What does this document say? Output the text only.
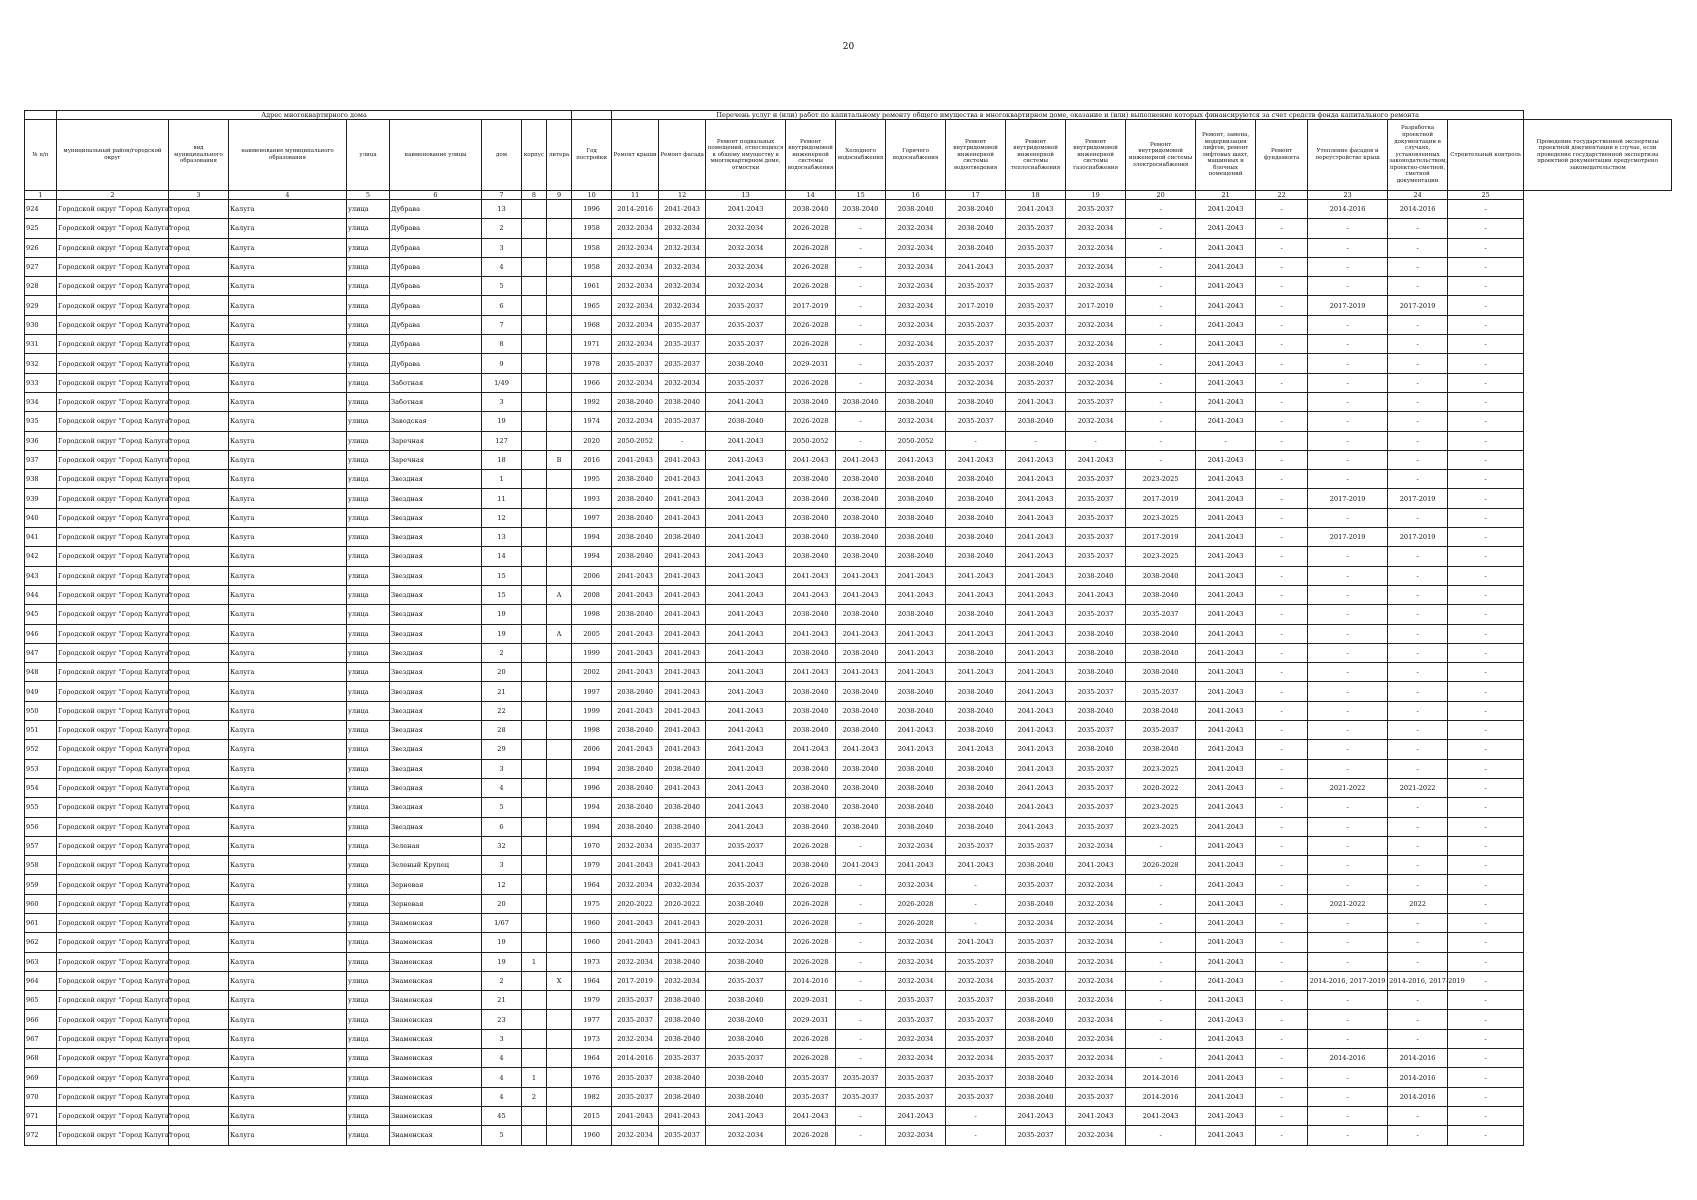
20
	Адрес многоквартирного дома									Перечень услуг и (или) работ по капитальному ремонту общего имущества в многоквартирном доме, оказание и (или) выполнение которых финансируются за счет средств фонда капитального ремонта															
№ п/п	муниципальный район/городской округ	вид муниципального образования	наименование муниципального образования	улица	наименование улицы	дом	корпус	литера	Год постройки	Ремонт крыши	Ремонт фасада	Ремонт подвальных помещений, относящихся к общему имуществу в многоквартирном доме, отмостки	Ремонт внутридомовой инженерной системы водоснабжения	Холодного водоснабжения	Горячего водоснабжения	Ремонт внутридомовой инженерной системы водоотведения	Ремонт внутридомовой инженерной системы теплоснабжения	Ремонт внутридомовой инженерной системы газоснабжения	Ремонт внутридомовой инженерной системы электроснабжения	Ремонт, замена, модернизация лифтов, ремонт лифтовых шахт, машинных и блочных помещений	Ремонт фундамента	Утепление фасадов и переустройство крыш	Разработка проектной документации в случаях, установленных законодательством, проектно-сметной, сметной документации	Строительный контроль	Проведение государственной экспертизы проектной документации в случае, если проведение государственной экспертизы проектной документации предусмотрено законодательством
1	2	3	4	5	6	7	8	9	10	11	12	13	14	15	16	17	18	19	20	21	22	23	24	25	
924	Городской округ "Город Калуга"	город	Калуга	улица	Дубрава	13			1996	2014-2016	2041-2043	2041-2043	2038-2040	2038-2040	2038-2040	2038-2040	2041-2043	2035-2037	-	2041-2043	-	2014-2016	2014-2016	-	
925	Городской округ "Город Калуга"	город	Калуга	улица	Дубрава	2			1958	2032-2034	2032-2034	2032-2034	2026-2028	-	2032-2034	2038-2040	2035-2037	2032-2034	-	2041-2043	-	-	-	-	
926	Городской округ "Город Калуга"	город	Калуга	улица	Дубрава	3			1958	2032-2034	2032-2034	2032-2034	2026-2028	-	2032-2034	2038-2040	2035-2037	2032-2034	-	2041-2043	-	-	-	-	
927	Городской округ "Город Калуга"	город	Калуга	улица	Дубрава	4			1958	2032-2034	2032-2034	2032-2034	2026-2028	-	2032-2034	2041-2043	2035-2037	2032-2034	-	2041-2043	-	-	-	-	
928	Городской округ "Город Калуга"	город	Калуга	улица	Дубрава	5			1961	2032-2034	2032-2034	2032-2034	2026-2028	-	2032-2034	2035-2037	2035-2037	2032-2034	-	2041-2043	-	-	-	-	
929	Городской округ "Город Калуга"	город	Калуга	улица	Дубрава	6			1965	2032-2034	2032-2034	2035-2037	2017-2019	-	2032-2034	2017-2019	2035-2037	2017-2019	-	2041-2043	-	2017-2019	2017-2019	-	
930	Городской округ "Город Калуга"	город	Калуга	улица	Дубрава	7			1968	2032-2034	2035-2037	2035-2037	2026-2028	-	2032-2034	2035-2037	2035-2037	2032-2034	-	2041-2043	-	-	-	-	
931	Городской округ "Город Калуга"	город	Калуга	улица	Дубрава	8			1971	2032-2034	2035-2037	2035-2037	2026-2028	-	2032-2034	2035-2037	2035-2037	2032-2034	-	2041-2043	-	-	-	-	
932	Городской округ "Город Калуга"	город	Калуга	улица	Дубрава	9			1978	2035-2037	2035-2037	2038-2040	2029-2031	-	2035-2037	2035-2037	2038-2040	2032-2034	-	2041-2043	-	-	-	-	
933	Городской округ "Город Калуга"	город	Калуга	улица	Заботная	1/49			1966	2032-2034	2032-2034	2035-2037	2026-2028	-	2032-2034	2032-2034	2035-2037	2032-2034	-	2041-2043	-	-	-	-	
934	Городской округ "Город Калуга"	город	Калуга	улица	Заботная	3			1992	2038-2040	2038-2040	2041-2043	2038-2040	2038-2040	2038-2040	2038-2040	2041-2043	2035-2037	-	2041-2043	-	-	-	-	
935	Городской округ "Город Калуга"	город	Калуга	улица	Заводская	19			1974	2032-2034	2035-2037	2038-2040	2026-2028	-	2032-2034	2035-2037	2038-2040	2032-2034	-	2041-2043	-	-	-	-	
936	Городской округ "Город Калуга"	город	Калуга	улица	Заречная	127			2020	2050-2052	-	2041-2043	2050-2052	-	2050-2052	-	-	-	-	-	-	-	-	-	
937	Городской округ "Город Калуга"	город	Калуга	улица	Заречная	18		В	2016	2041-2043	2041-2043	2041-2043	2041-2043	2041-2043	2041-2043	2041-2043	2041-2043	2041-2043	-	2041-2043	-	-	-	-	
938	Городской округ "Город Калуга"	город	Калуга	улица	Звездная	1			1995	2038-2040	2041-2043	2041-2043	2038-2040	2038-2040	2038-2040	2038-2040	2041-2043	2035-2037	2023-2025	2041-2043	-	-	-	-	
939	Городской округ "Город Калуга"	город	Калуга	улица	Звездная	11			1993	2038-2040	2041-2043	2041-2043	2038-2040	2038-2040	2038-2040	2038-2040	2041-2043	2035-2037	2017-2019	2041-2043	-	2017-2019	2017-2019	-	
940	Городской округ "Город Калуга"	город	Калуга	улица	Звездная	12			1997	2038-2040	2041-2043	2041-2043	2038-2040	2038-2040	2038-2040	2038-2040	2041-2043	2035-2037	2023-2025	2041-2043	-	-	-	-	
941	Городской округ "Город Калуга"	город	Калуга	улица	Звездная	13			1994	2038-2040	2038-2040	2041-2043	2038-2040	2038-2040	2038-2040	2038-2040	2041-2043	2035-2037	2017-2019	2041-2043	-	2017-2019	2017-2019	-	
942	Городской округ "Город Калуга"	город	Калуга	улица	Звездная	14			1994	2038-2040	2041-2043	2041-2043	2038-2040	2038-2040	2038-2040	2038-2040	2041-2043	2035-2037	2023-2025	2041-2043	-	-	-	-	
943	Городской округ "Город Калуга"	город	Калуга	улица	Звездная	15			2006	2041-2043	2041-2043	2041-2043	2041-2043	2041-2043	2041-2043	2041-2043	2041-2043	2038-2040	2038-2040	2041-2043	-	-	-	-	
944	Городской округ "Город Калуга"	город	Калуга	улица	Звездная	15		А	2008	2041-2043	2041-2043	2041-2043	2041-2043	2041-2043	2041-2043	2041-2043	2041-2043	2041-2043	2038-2040	2041-2043	-	-	-	-	
945	Городской округ "Город Калуга"	город	Калуга	улица	Звездная	19			1998	2038-2040	2041-2043	2041-2043	2038-2040	2038-2040	2038-2040	2038-2040	2041-2043	2035-2037	2035-2037	2041-2043	-	-	-	-	
946	Городской округ "Город Калуга"	город	Калуга	улица	Звездная	19		А	2005	2041-2043	2041-2043	2041-2043	2041-2043	2041-2043	2041-2043	2041-2043	2041-2043	2038-2040	2038-2040	2041-2043	-	-	-	-	
947	Городской округ "Город Калуга"	город	Калуга	улица	Звездная	2			1999	2041-2043	2041-2043	2041-2043	2038-2040	2038-2040	2041-2043	2038-2040	2041-2043	2038-2040	2038-2040	2041-2043	-	-	-	-	
948	Городской округ "Город Калуга"	город	Калуга	улица	Звездная	20			2002	2041-2043	2041-2043	2041-2043	2041-2043	2041-2043	2041-2043	2041-2043	2041-2043	2038-2040	2038-2040	2041-2043	-	-	-	-	
949	Городской округ "Город Калуга"	город	Калуга	улица	Звездная	21			1997	2038-2040	2041-2043	2041-2043	2038-2040	2038-2040	2038-2040	2038-2040	2041-2043	2035-2037	2035-2037	2041-2043	-	-	-	-	
950	Городской округ "Город Калуга"	город	Калуга	улица	Звездная	22			1999	2041-2043	2041-2043	2041-2043	2038-2040	2038-2040	2038-2040	2038-2040	2041-2043	2038-2040	2038-2040	2041-2043	-	-	-	-	
951	Городской округ "Город Калуга"	город	Калуга	улица	Звездная	28			1998	2038-2040	2041-2043	2041-2043	2038-2040	2038-2040	2041-2043	2038-2040	2041-2043	2035-2037	2035-2037	2041-2043	-	-	-	-	
952	Городской округ "Город Калуга"	город	Калуга	улица	Звездная	29			2006	2041-2043	2041-2043	2041-2043	2041-2043	2041-2043	2041-2043	2041-2043	2041-2043	2038-2040	2038-2040	2041-2043	-	-	-	-	
953	Городской округ "Город Калуга"	город	Калуга	улица	Звездная	3			1994	2038-2040	2038-2040	2041-2043	2038-2040	2038-2040	2038-2040	2038-2040	2041-2043	2035-2037	2023-2025	2041-2043	-	-	-	-	
954	Городской округ "Город Калуга"	город	Калуга	улица	Звездная	4			1996	2038-2040	2041-2043	2041-2043	2038-2040	2038-2040	2038-2040	2038-2040	2041-2043	2035-2037	2020-2022	2041-2043	-	2021-2022	2021-2022	-	
955	Городской округ "Город Калуга"	город	Калуга	улица	Звездная	5			1994	2038-2040	2038-2040	2041-2043	2038-2040	2038-2040	2038-2040	2038-2040	2041-2043	2035-2037	2023-2025	2041-2043	-	-	-	-	
956	Городской округ "Город Калуга"	город	Калуга	улица	Звездная	6			1994	2038-2040	2038-2040	2041-2043	2038-2040	2038-2040	2038-2040	2038-2040	2041-2043	2035-2037	2023-2025	2041-2043	-	-	-	-	
957	Городской округ "Город Калуга"	город	Калуга	улица	Зеленая	32			1970	2032-2034	2035-2037	2035-2037	2026-2028	-	2032-2034	2035-2037	2035-2037	2032-2034	-	2041-2043	-	-	-	-	
958	Городской округ "Город Калуга"	город	Калуга	улица	Зеленый Крупец	3			1979	2041-2043	2041-2043	2041-2043	2038-2040	2041-2043	2041-2043	2041-2043	2038-2040	2041-2043	2026-2028	2041-2043	-	-	-	-	
959	Городской округ "Город Калуга"	город	Калуга	улица	Зерновая	12			1964	2032-2034	2032-2034	2035-2037	2026-2028	-	2032-2034	-	2035-2037	2032-2034	-	2041-2043	-	-	-	-	
960	Городской округ "Город Калуга"	город	Калуга	улица	Зерновая	20			1975	2020-2022	2020-2022	2038-2040	2026-2028	-	2026-2028	-	2038-2040	2032-2034	-	2041-2043	-	2021-2022	2022	-	
961	Городской округ "Город Калуга"	город	Калуга	улица	Знаменская	1/67			1960	2041-2043	2041-2043	2029-2031	2026-2028	-	2026-2028	-	2032-2034	2032-2034	-	2041-2043	-	-	-	-	
962	Городской округ "Город Калуга"	город	Калуга	улица	Знаменская	19			1960	2041-2043	2041-2043	2032-2034	2026-2028	-	2032-2034	2041-2043	2035-2037	2032-2034	-	2041-2043	-	-	-	-	
963	Городской округ "Город Калуга"	город	Калуга	улица	Знаменская	19	1		1973	2032-2034	2038-2040	2038-2040	2026-2028	-	2032-2034	2035-2037	2038-2040	2032-2034	-	2041-2043	-	-	-	-	
964	Городской округ "Город Калуга"	город	Калуга	улица	Знаменская	2		Х	1964	2017-2019	2032-2034	2035-2037	2014-2016	-	2032-2034	2032-2034	2035-2037	2032-2034	-	2041-2043	-	2014-2016, 2017-2019	2014-2016, 2017-2019	-	
965	Городской округ "Город Калуга"	город	Калуга	улица	Знаменская	21			1979	2035-2037	2038-2040	2038-2040	2029-2031	-	2035-2037	2035-2037	2038-2040	2032-2034	-	2041-2043	-	-	-	-	
966	Городской округ "Город Калуга"	город	Калуга	улица	Знаменская	23			1977	2035-2037	2038-2040	2038-2040	2029-2031	-	2035-2037	2035-2037	2038-2040	2032-2034	-	2041-2043	-	-	-	-	
967	Городской округ "Город Калуга"	город	Калуга	улица	Знаменская	3			1973	2032-2034	2038-2040	2038-2040	2026-2028	-	2032-2034	2035-2037	2038-2040	2032-2034	-	2041-2043	-	-	-	-	
968	Городской округ "Город Калуга"	город	Калуга	улица	Знаменская	4			1964	2014-2016	2035-2037	2035-2037	2026-2028	-	2032-2034	2032-2034	2035-2037	2032-2034	-	2041-2043	-	2014-2016	2014-2016	-	
969	Городской округ "Город Калуга"	город	Калуга	улица	Знаменская	4	1		1976	2035-2037	2038-2040	2038-2040	2035-2037	2035-2037	2035-2037	2035-2037	2038-2040	2032-2034	2014-2016	2041-2043	-	-	2014-2016	-	
970	Городской округ "Город Калуга"	город	Калуга	улица	Знаменская	4	2		1982	2035-2037	2038-2040	2038-2040	2035-2037	2035-2037	2035-2037	2035-2037	2038-2040	2035-2037	2014-2016	2041-2043	-	-	2014-2016	-	
971	Городской округ "Город Калуга"	город	Калуга	улица	Знаменская	45			2015	2041-2043	2041-2043	2041-2043	2041-2043	-	2041-2043	-	2041-2043	2041-2043	2041-2043	2041-2043	-	-	-	-	
972	Городской округ "Город Калуга"	город	Калуга	улица	Знаменская	5			1960	2032-2034	2035-2037	2032-2034	2026-2028	-	2032-2034	-	2035-2037	2032-2034	-	2041-2043	-	-	-	-	
